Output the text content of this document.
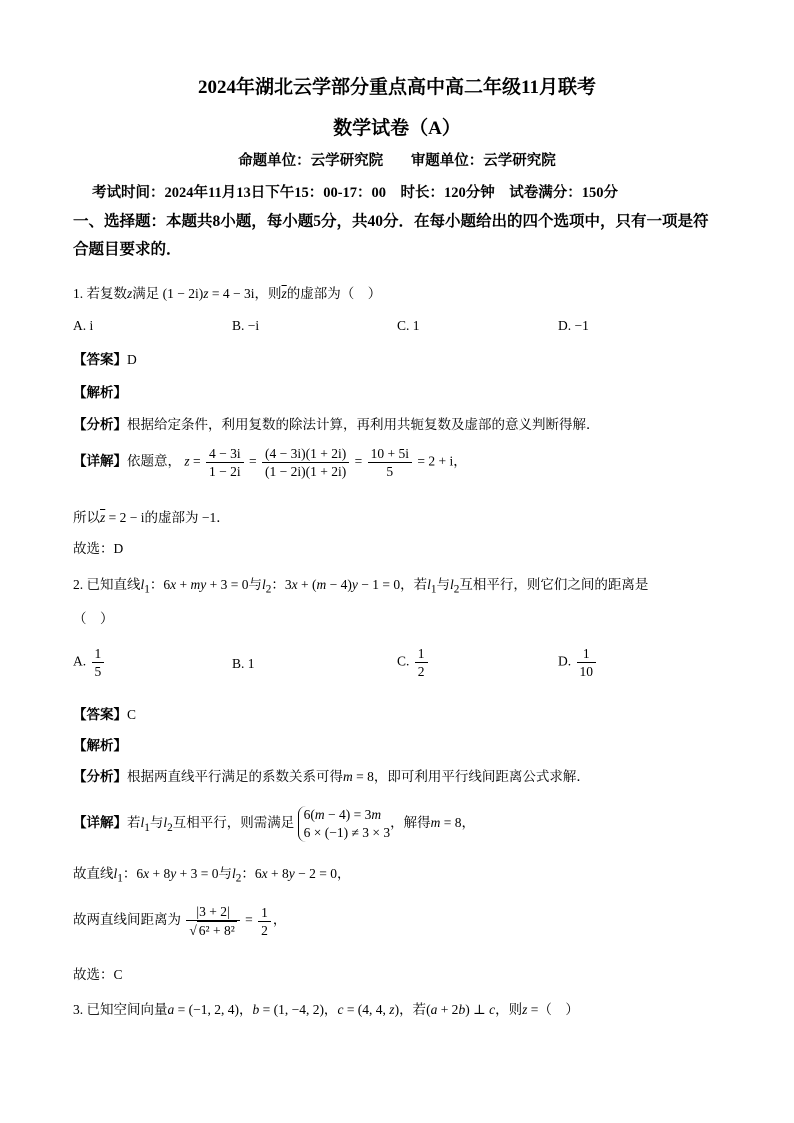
2024年湖北云学部分重点高中高二年级11月联考
数学试卷（A）
命题单位：云学研究院 审题单位：云学研究院
考试时间：2024年11月13日下午15：00-17：00　时长：120分钟　试卷满分：150分
一、选择题：本题共8小题，每小题5分，共40分．在每小题给出的四个选项中，只有一项是符合题目要求的．
1. 若复数z满足 (1 − 2i)z = 4 − 3i，则$\overline{z}$的虚部为（　）
A. i	B. −i	C. 1	D. −1
【答案】D
【解析】
【分析】根据给定条件，利用复数的除法计算，再利用共轭复数及虚部的意义判断得解．
【详解】依题意， $z = \frac{4 - 3i}{1 - 2i} = \frac{(4 - 3i)(1 + 2i)}{(1 - 2i)(1 + 2i)} = \frac{10 + 5i}{5} = 2 + i$，
所以$\overline{z} = 2 - i$的虚部为 −1．
故选：D
2. 已知直线$l_1$：6x + my + 3 = 0与$l_2$：3x + (m − 4)y − 1 = 0，若$l_1$与$l_2$互相平行，则它们之间的距离是
（　）
A. $\frac{1}{5}$	B. 1	C. $\frac{1}{2}$	D. $\frac{1}{10}$
【答案】C
【解析】
【分析】根据两直线平行满足的系数关系可得m = 8，即可利用平行线间距离公式求解．
【详解】若$l_1$与$l_2$互相平行，则需满足
6(m − 4) = 3m
6 × (−1) ≠ 3 × 3
，解得m = 8，
故直线$l_1$：6x + 8y + 3 = 0与$l_2$：6x + 8y − 2 = 0，
故两直线间距离为 $\frac{|3 + 2|}{\text{√ 6² + 8²}} = \frac{1}{2}$ ，
故选：C
3. 已知空间向量a = (−1, 2, 4)，b = (1, −4, 2)，c = (4, 4, z)，若(a + 2b) ⊥ c，则z =（　）
